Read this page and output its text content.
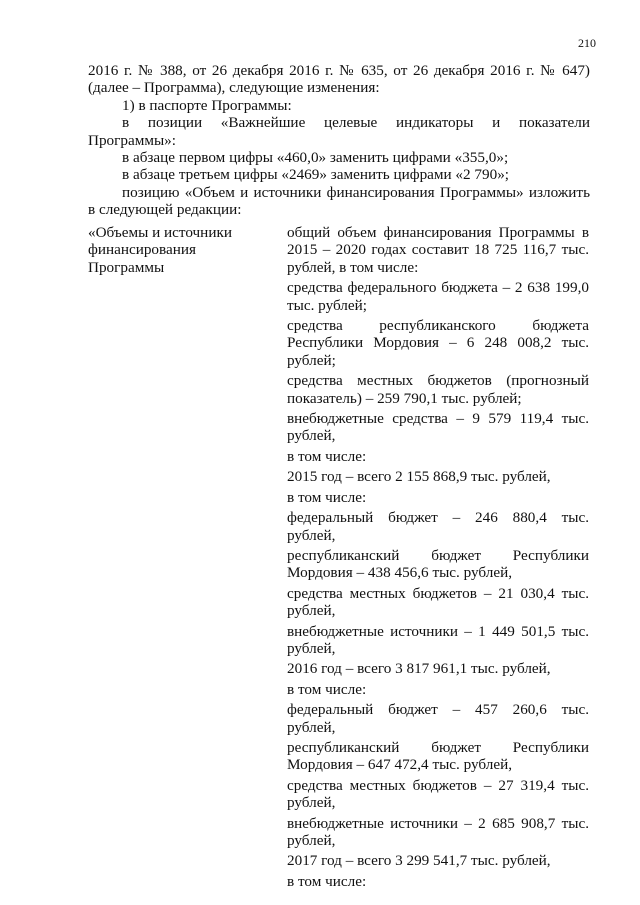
210
2016 г. № 388, от 26 декабря 2016 г. № 635, от 26 декабря 2016 г. № 647)
(далее – Программа), следующие изменения:
1) в паспорте Программы:
в позиции «Важнейшие целевые индикаторы и показатели
Программы»:
в абзаце первом цифры «460,0» заменить цифрами «355,0»;
в абзаце третьем цифры «2469» заменить цифрами «2 790»;
позицию «Объем и источники финансирования Программы» изложить
в следующей редакции:
«Объемы и источники
финансирования
Программы
общий объем финансирования Программы в
2015 – 2020 годах составит 18 725 116,7 тыс.
рублей, в том числе:
средства федерального бюджета – 2 638 199,0
тыс. рублей;
средства республиканского бюджета
Республики Мордовия – 6 248 008,2 тыс.
рублей;
средства местных бюджетов (прогнозный
показатель) – 259 790,1 тыс. рублей;
внебюджетные средства – 9 579 119,4 тыс.
рублей,
в том числе:
2015 год – всего 2 155 868,9 тыс. рублей,
в том числе:
федеральный бюджет – 246 880,4 тыс.
рублей,
республиканский бюджет Республики
Мордовия – 438 456,6 тыс. рублей,
средства местных бюджетов – 21 030,4 тыс.
рублей,
внебюджетные источники – 1 449 501,5 тыс.
рублей,
2016 год – всего 3 817 961,1 тыс. рублей,
в том числе:
федеральный бюджет – 457 260,6 тыс.
рублей,
республиканский бюджет Республики
Мордовия – 647 472,4 тыс. рублей,
средства местных бюджетов – 27 319,4 тыс.
рублей,
внебюджетные источники – 2 685 908,7 тыс.
рублей,
2017 год – всего 3 299 541,7 тыс. рублей,
в том числе:
